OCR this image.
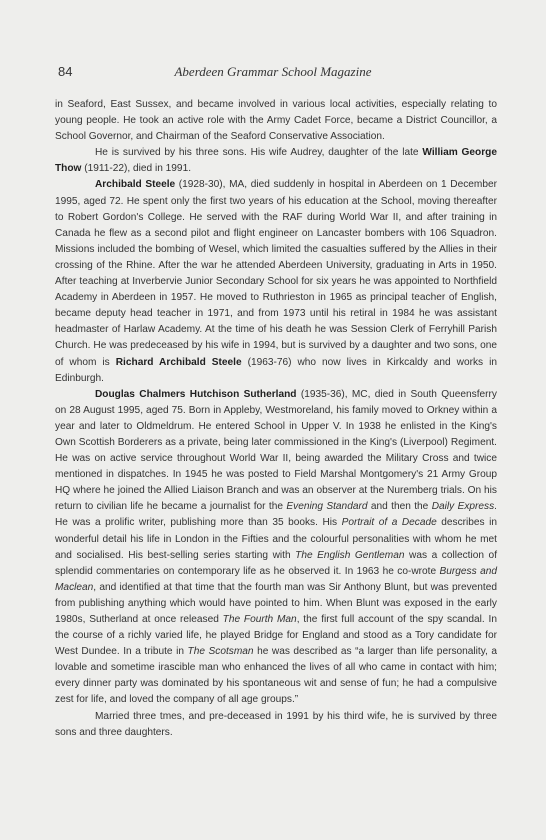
84	Aberdeen Grammar School Magazine

in Seaford, East Sussex, and became involved in various local activities, especially relating to young people. He took an active role with the Army Cadet Force, became a District Councillor, a School Governor, and Chairman of the Seaford Conservative Association.

He is survived by his three sons. His wife Audrey, daughter of the late William George Thow (1911-22), died in 1991.

Archibald Steele (1928-30), MA, died suddenly in hospital in Aberdeen on 1 December 1995, aged 72. He spent only the first two years of his education at the School, moving thereafter to Robert Gordon's College. He served with the RAF during World War II, and after training in Canada he flew as a second pilot and flight engineer on Lancaster bombers with 106 Squadron. Missions included the bombing of Wesel, which limited the casualties suffered by the Allies in their crossing of the Rhine. After the war he attended Aberdeen University, graduating in Arts in 1950. After teaching at Inverbervie Junior Secondary School for six years he was appointed to Northfield Academy in Aberdeen in 1957. He moved to Ruthrieston in 1965 as principal teacher of English, became deputy head teacher in 1971, and from 1973 until his retiral in 1984 he was assistant headmaster of Harlaw Academy. At the time of his death he was Session Clerk of Ferryhill Parish Church. He was predeceased by his wife in 1994, but is survived by a daughter and two sons, one of whom is Richard Archibald Steele (1963-76) who now lives in Kirkcaldy and works in Edinburgh.

Douglas Chalmers Hutchison Sutherland (1935-36), MC, died in South Queensferry on 28 August 1995, aged 75. Born in Appleby, Westmoreland, his family moved to Orkney within a year and later to Oldmeldrum. He entered School in Upper V. In 1938 he enlisted in the King's Own Scottish Borderers as a private, being later commissioned in the King's (Liverpool) Regiment. He was on active service throughout World War II, being awarded the Military Cross and twice mentioned in dispatches. In 1945 he was posted to Field Marshal Montgomery's 21 Army Group HQ where he joined the Allied Liaison Branch and was an observer at the Nuremberg trials. On his return to civilian life he became a journalist for the Evening Standard and then the Daily Express. He was a prolific writer, publishing more than 35 books. His Portrait of a Decade describes in wonderful detail his life in London in the Fifties and the colourful personalities with whom he met and socialised. His best-selling series starting with The English Gentleman was a collection of splendid commentaries on contemporary life as he observed it. In 1963 he co-wrote Burgess and Maclean, and identified at that time that the fourth man was Sir Anthony Blunt, but was prevented from publishing anything which would have pointed to him. When Blunt was exposed in the early 1980s, Sutherland at once released The Fourth Man, the first full account of the spy scandal. In the course of a richly varied life, he played Bridge for England and stood as a Tory candidate for West Dundee. In a tribute in The Scotsman he was described as “a larger than life personality, a lovable and sometime irascible man who enhanced the lives of all who came in contact with him; every dinner party was dominated by his spontaneous wit and sense of fun; he had a compulsive zest for life, and loved the company of all age groups.”

Married three tmes, and pre-deceased in 1991 by his third wife, he is survived by three sons and three daughters.
